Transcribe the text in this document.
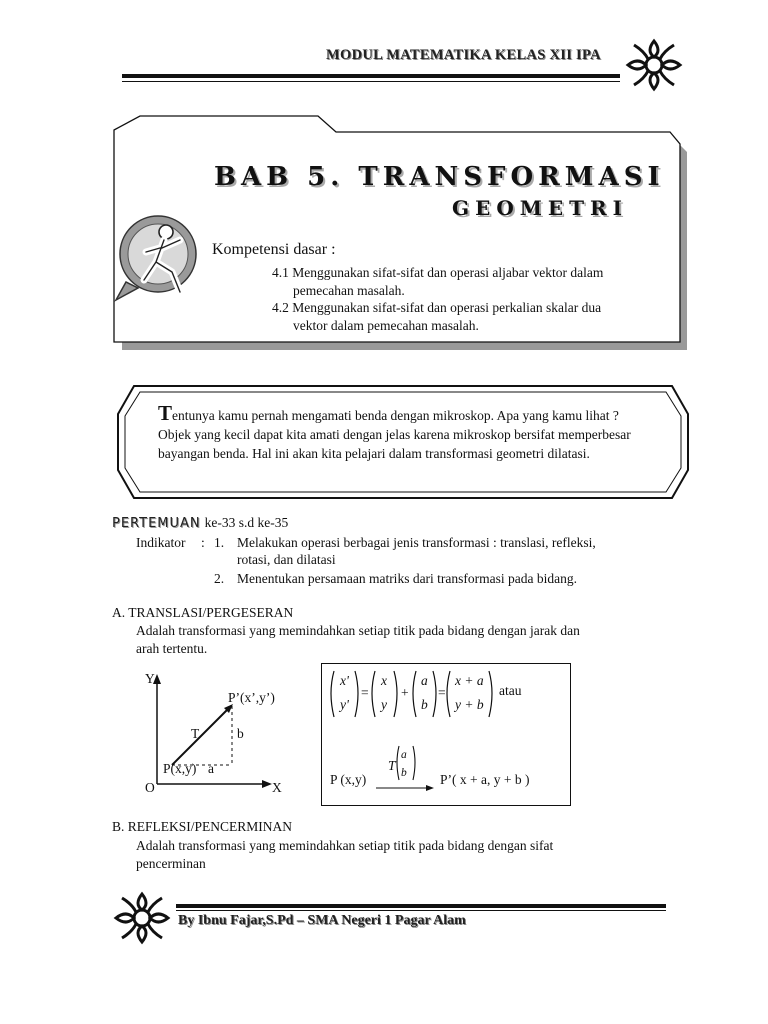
MODUL MATEMATIKA KELAS XII IPA
BAB 5. TRANSFORMASI
GEOMETRI
Kompetensi dasar :
4.1 Menggunakan sifat-sifat dan operasi aljabar vektor dalam
pemecahan masalah.
4.2 Menggunakan sifat-sifat dan operasi perkalian skalar dua
vektor dalam pemecahan masalah.
Tentunya kamu pernah mengamati benda dengan mikroskop. Apa yang kamu lihat ? Objek yang kecil dapat kita amati dengan jelas karena mikroskop bersifat memperbesar bayangan benda. Hal ini akan kita pelajari dalam transformasi geometri dilatasi.
PERTEMUAN ke-33 s.d ke-35
Indikator : 1. Melakukan operasi berbagai jenis transformasi : translasi, refleksi,
rotasi, dan dilatasi
2. Menentukan persamaan matriks dari transformasi pada bidang.
A. TRANSLASI/PERGESERAN
Adalah transformasi yang memindahkan setiap titik pada bidang dengan jarak dan
arah tertentu.
Y
X
O
P’(x’,y’)
T	b
P(x,y) a
x'
y'
=
x
y
+
a
b
=
x + a
y + b
atau
P (x,y)
T
a
b P’( x + a, y + b )
B. REFLEKSI/PENCERMINAN
Adalah transformasi yang memindahkan setiap titik pada bidang dengan sifat
pencerminan
By Ibnu Fajar,S.Pd – SMA Negeri 1 Pagar Alam
